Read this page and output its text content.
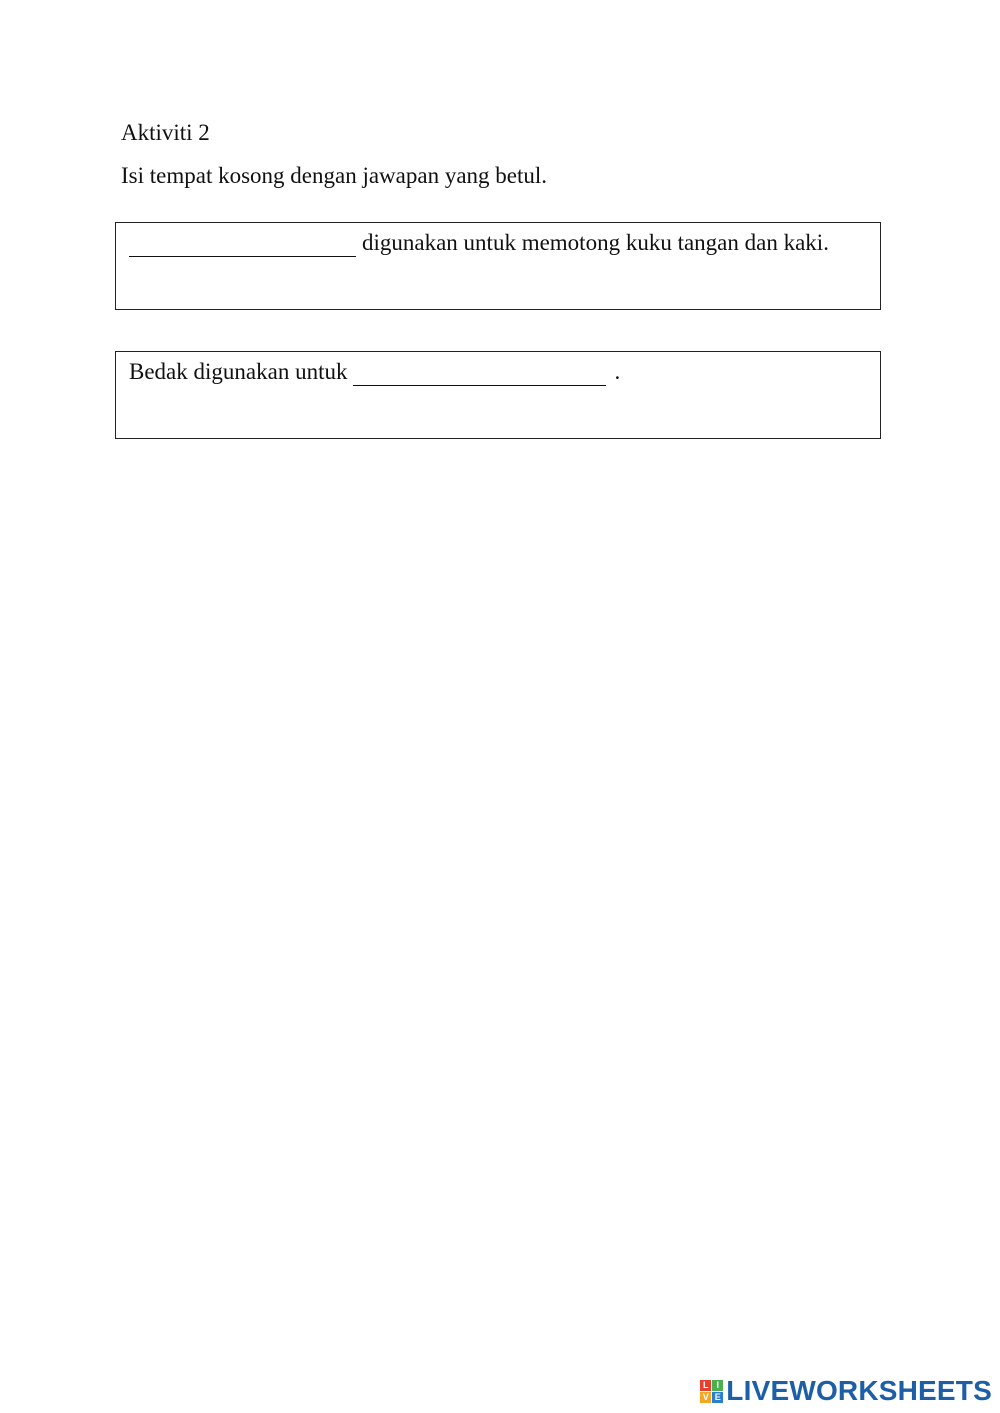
Aktiviti 2

Isi tempat kosong dengan jawapan yang betul.

digunakan untuk memotong kuku tangan dan kaki.
Bedak digunakan untuk	.
L I
V E LIVEWORKSHEETS
